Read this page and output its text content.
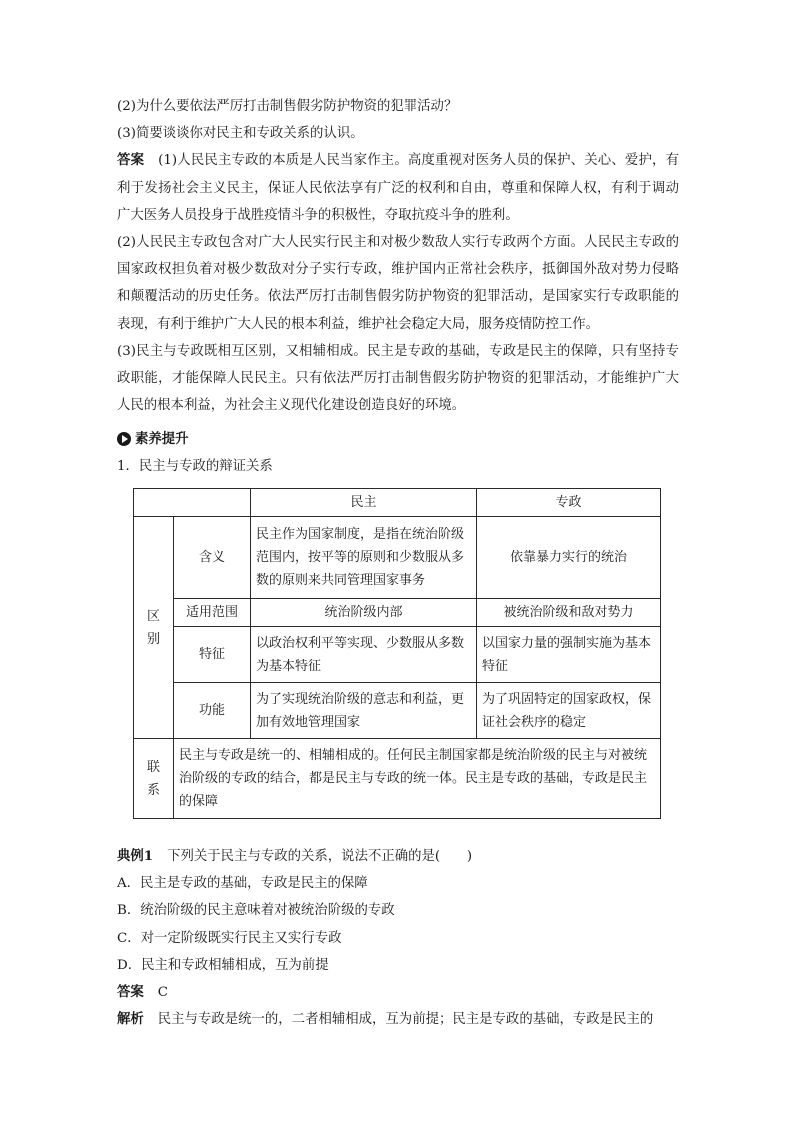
(2)为什么要依法严厉打击制售假劣防护物资的犯罪活动？
(3)简要谈谈你对民主和专政关系的认识。
答案 (1)人民民主专政的本质是人民当家作主。高度重视对医务人员的保护、关心、爱护，有利于发扬社会主义民主，保证人民依法享有广泛的权利和自由，尊重和保障人权，有利于调动广大医务人员投身于战胜疫情斗争的积极性，夺取抗疫斗争的胜利。
(2)人民民主专政包含对广大人民实行民主和对极少数敌人实行专政两个方面。人民民主专政的国家政权担负着对极少数敌对分子实行专政，维护国内正常社会秩序，抵御国外敌对势力侵略和颠覆活动的历史任务。依法严厉打击制售假劣防护物资的犯罪活动，是国家实行专政职能的表现，有利于维护广大人民的根本利益，维护社会稳定大局，服务疫情防控工作。
(3)民主与专政既相互区别，又相辅相成。民主是专政的基础，专政是民主的保障，只有坚持专政职能，才能保障人民民主。只有依法严厉打击制售假劣防护物资的犯罪活动，才能维护广大人民的根本利益，为社会主义现代化建设创造良好的环境。
素养提升
1．民主与专政的辩证关系
		民主	专政

区
别	含义	民主作为国家制度，是指在统治阶级范围内，按平等的原则和少数服从多数的原则来共同管理国家事务	依靠暴力实行的统治
	适用范围	统治阶级内部	被统治阶级和敌对势力
	特征	以政治权利平等实现、少数服从多数为基本特征	以国家力量的强制实施为基本特征
	功能	为了实现统治阶级的意志和利益，更加有效地管理国家	为了巩固特定的国家政权，保证社会秩序的稳定

联
系	民主与专政是统一的、相辅相成的。任何民主制国家都是统治阶级的民主与对被统治阶级的专政的结合，都是民主与专政的统一体。民主是专政的基础，专政是民主的保障		
典例1 下列关于民主与专政的关系，说法不正确的是(　　)
A．民主是专政的基础，专政是民主的保障
B．统治阶级的民主意味着对被统治阶级的专政
C．对一定阶级既实行民主又实行专政
D．民主和专政相辅相成，互为前提
答案 C
解析 民主与专政是统一的，二者相辅相成，互为前提；民主是专政的基础，专政是民主的
